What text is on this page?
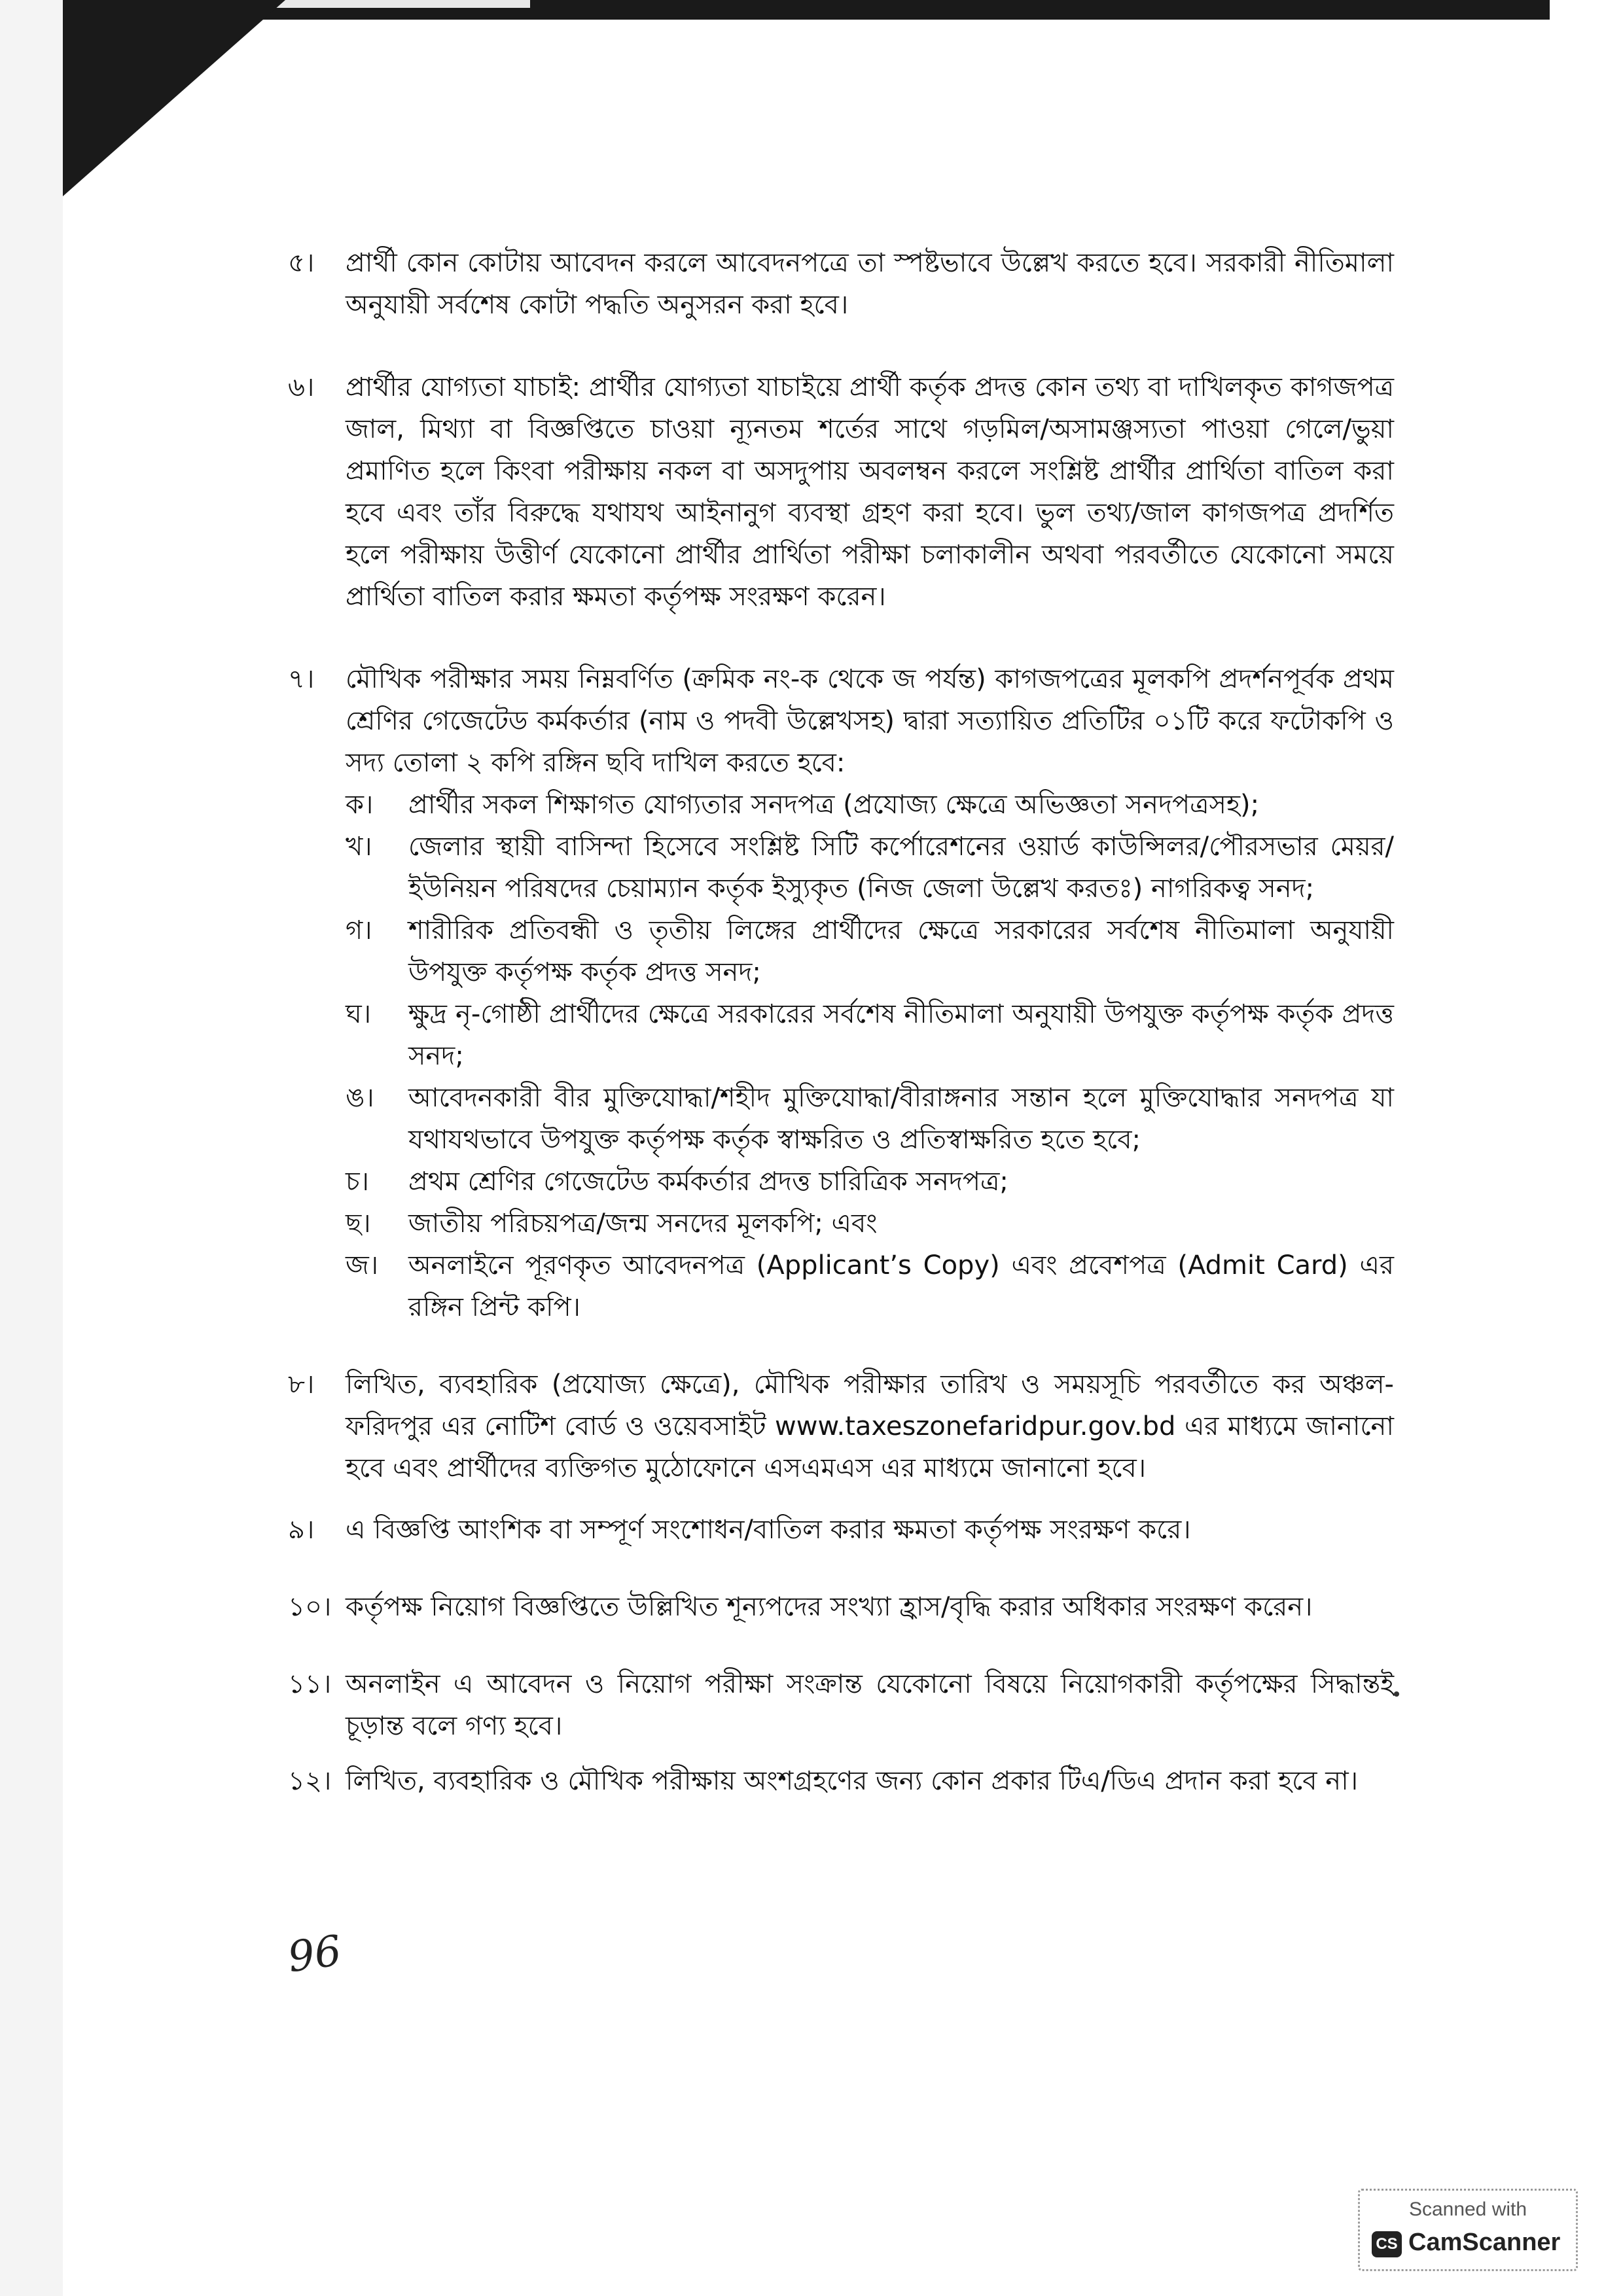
৫। প্রার্থী কোন কোটায় আবেদন করলে আবেদনপত্রে তা স্পষ্টভাবে উল্লেখ করতে হবে। সরকারী নীতিমালা অনুযায়ী সর্বশেষ কোটা পদ্ধতি অনুসরন করা হবে।
৬। প্রার্থীর যোগ্যতা যাচাই: প্রার্থীর যোগ্যতা যাচাইয়ে প্রার্থী কর্তৃক প্রদত্ত কোন তথ্য বা দাখিলকৃত কাগজপত্র জাল, মিথ্যা বা বিজ্ঞপ্তিতে চাওয়া ন্যূনতম শর্তের সাথে গড়মিল/অসামঞ্জস্যতা পাওয়া গেলে/ভুয়া প্রমাণিত হলে কিংবা পরীক্ষায় নকল বা অসদুপায় অবলম্বন করলে সংশ্লিষ্ট প্রার্থীর প্রার্থিতা বাতিল করা হবে এবং তাঁর বিরুদ্ধে যথাযথ আইনানুগ ব্যবস্থা গ্রহণ করা হবে। ভুল তথ্য/জাল কাগজপত্র প্রদর্শিত হলে পরীক্ষায় উত্তীর্ণ যেকোনো প্রার্থীর প্রার্থিতা পরীক্ষা চলাকালীন অথবা পরবর্তীতে যেকোনো সময়ে প্রার্থিতা বাতিল করার ক্ষমতা কর্তৃপক্ষ সংরক্ষণ করেন।
৭। মৌখিক পরীক্ষার সময় নিম্নবর্ণিত (ক্রমিক নং-ক থেকে জ পর্যন্ত) কাগজপত্রের মূলকপি প্রদর্শনপূর্বক প্রথম শ্রেণির গেজেটেড কর্মকর্তার (নাম ও পদবী উল্লেখসহ) দ্বারা সত্যায়িত প্রতিটির ০১টি করে ফটোকপি ও সদ্য তোলা ২ কপি রঙ্গিন ছবি দাখিল করতে হবে:
ক। প্রার্থীর সকল শিক্ষাগত যোগ্যতার সনদপত্র (প্রযোজ্য ক্ষেত্রে অভিজ্ঞতা সনদপত্রসহ);
খ। জেলার স্থায়ী বাসিন্দা হিসেবে সংশ্লিষ্ট সিটি কর্পোরেশনের ওয়ার্ড কাউন্সিলর/পৌরসভার মেয়র/ইউনিয়ন পরিষদের চেয়াম্যান কর্তৃক ইস্যুকৃত (নিজ জেলা উল্লেখ করতঃ) নাগরিকত্ব সনদ;
গ। শারীরিক প্রতিবন্ধী ও তৃতীয় লিঙ্গের প্রার্থীদের ক্ষেত্রে সরকারের সর্বশেষ নীতিমালা অনুযায়ী উপযুক্ত কর্তৃপক্ষ কর্তৃক প্রদত্ত সনদ;
ঘ। ক্ষুদ্র নৃ-গোষ্ঠী প্রার্থীদের ক্ষেত্রে সরকারের সর্বশেষ নীতিমালা অনুযায়ী উপযুক্ত কর্তৃপক্ষ কর্তৃক প্রদত্ত সনদ;
ঙ। আবেদনকারী বীর মুক্তিযোদ্ধা/শহীদ মুক্তিযোদ্ধা/বীরাঙ্গনার সন্তান হলে মুক্তিযোদ্ধার সনদপত্র যা যথাযথভাবে উপযুক্ত কর্তৃপক্ষ কর্তৃক স্বাক্ষরিত ও প্রতিস্বাক্ষরিত হতে হবে;
চ। প্রথম শ্রেণির গেজেটেড কর্মকর্তার প্রদত্ত চারিত্রিক সনদপত্র;
ছ। জাতীয় পরিচয়পত্র/জন্ম সনদের মূলকপি; এবং
জ। অনলাইনে পূরণকৃত আবেদনপত্র (Applicant’s Copy) এবং প্রবেশপত্র (Admit Card) এর রঙ্গিন প্রিন্ট কপি।
৮। লিখিত, ব্যবহারিক (প্রযোজ্য ক্ষেত্রে), মৌখিক পরীক্ষার তারিখ ও সময়সূচি পরবর্তীতে কর অঞ্চল-ফরিদপুর এর নোটিশ বোর্ড ও ওয়েবসাইট www.taxeszonefaridpur.gov.bd এর মাধ্যমে জানানো হবে এবং প্রার্থীদের ব্যক্তিগত মুঠোফোনে এসএমএস এর মাধ্যমে জানানো হবে।
৯। এ বিজ্ঞপ্তি আংশিক বা সম্পূর্ণ সংশোধন/বাতিল করার ক্ষমতা কর্তৃপক্ষ সংরক্ষণ করে।
১০। কর্তৃপক্ষ নিয়োগ বিজ্ঞপ্তিতে উল্লিখিত শূন্যপদের সংখ্যা হ্রাস/বৃদ্ধি করার অধিকার সংরক্ষণ করেন।
১১। অনলাইন এ আবেদন ও নিয়োগ পরীক্ষা সংক্রান্ত যেকোনো বিষয়ে নিয়োগকারী কর্তৃপক্ষের সিদ্ধান্তই চূড়ান্ত বলে গণ্য হবে।
১২। লিখিত, ব্যবহারিক ও মৌখিক পরীক্ষায় অংশগ্রহণের জন্য কোন প্রকার টিএ/ডিএ প্রদান করা হবে না।
96
Scanned with
CS CamScanner
